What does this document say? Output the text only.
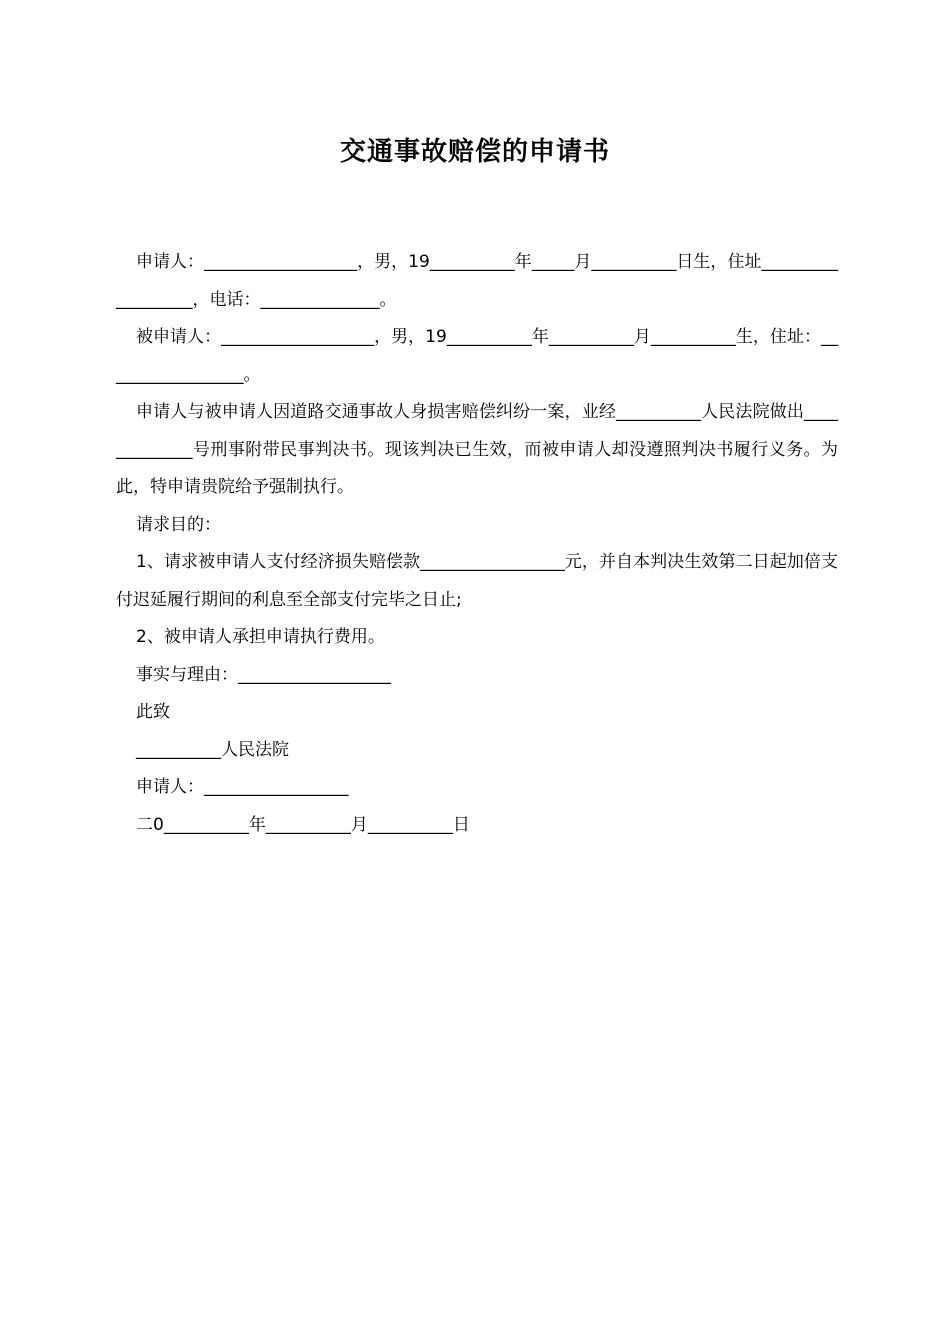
交通事故赔偿的申请书

申请人：__________________，男，19__________年_____月__________日生，住址__________________，电话：______________。

被申请人：__________________，男，19__________年__________月__________生，住址：_________________。

申请人与被申请人因道路交通事故人身损害赔偿纠纷一案，业经__________人民法院做出_____________号刑事附带民事判决书。现该判决已生效，而被申请人却没遵照判决书履行义务。为此，特申请贵院给予强制执行。

请求目的：

1、请求被申请人支付经济损失赔偿款_________________元，并自本判决生效第二日起加倍支付迟延履行期间的利息至全部支付完毕之日止;

2、被申请人承担申请执行费用。

事实与理由：__________________

此致

__________人民法院

申请人：_________________

二0__________年__________月__________日
